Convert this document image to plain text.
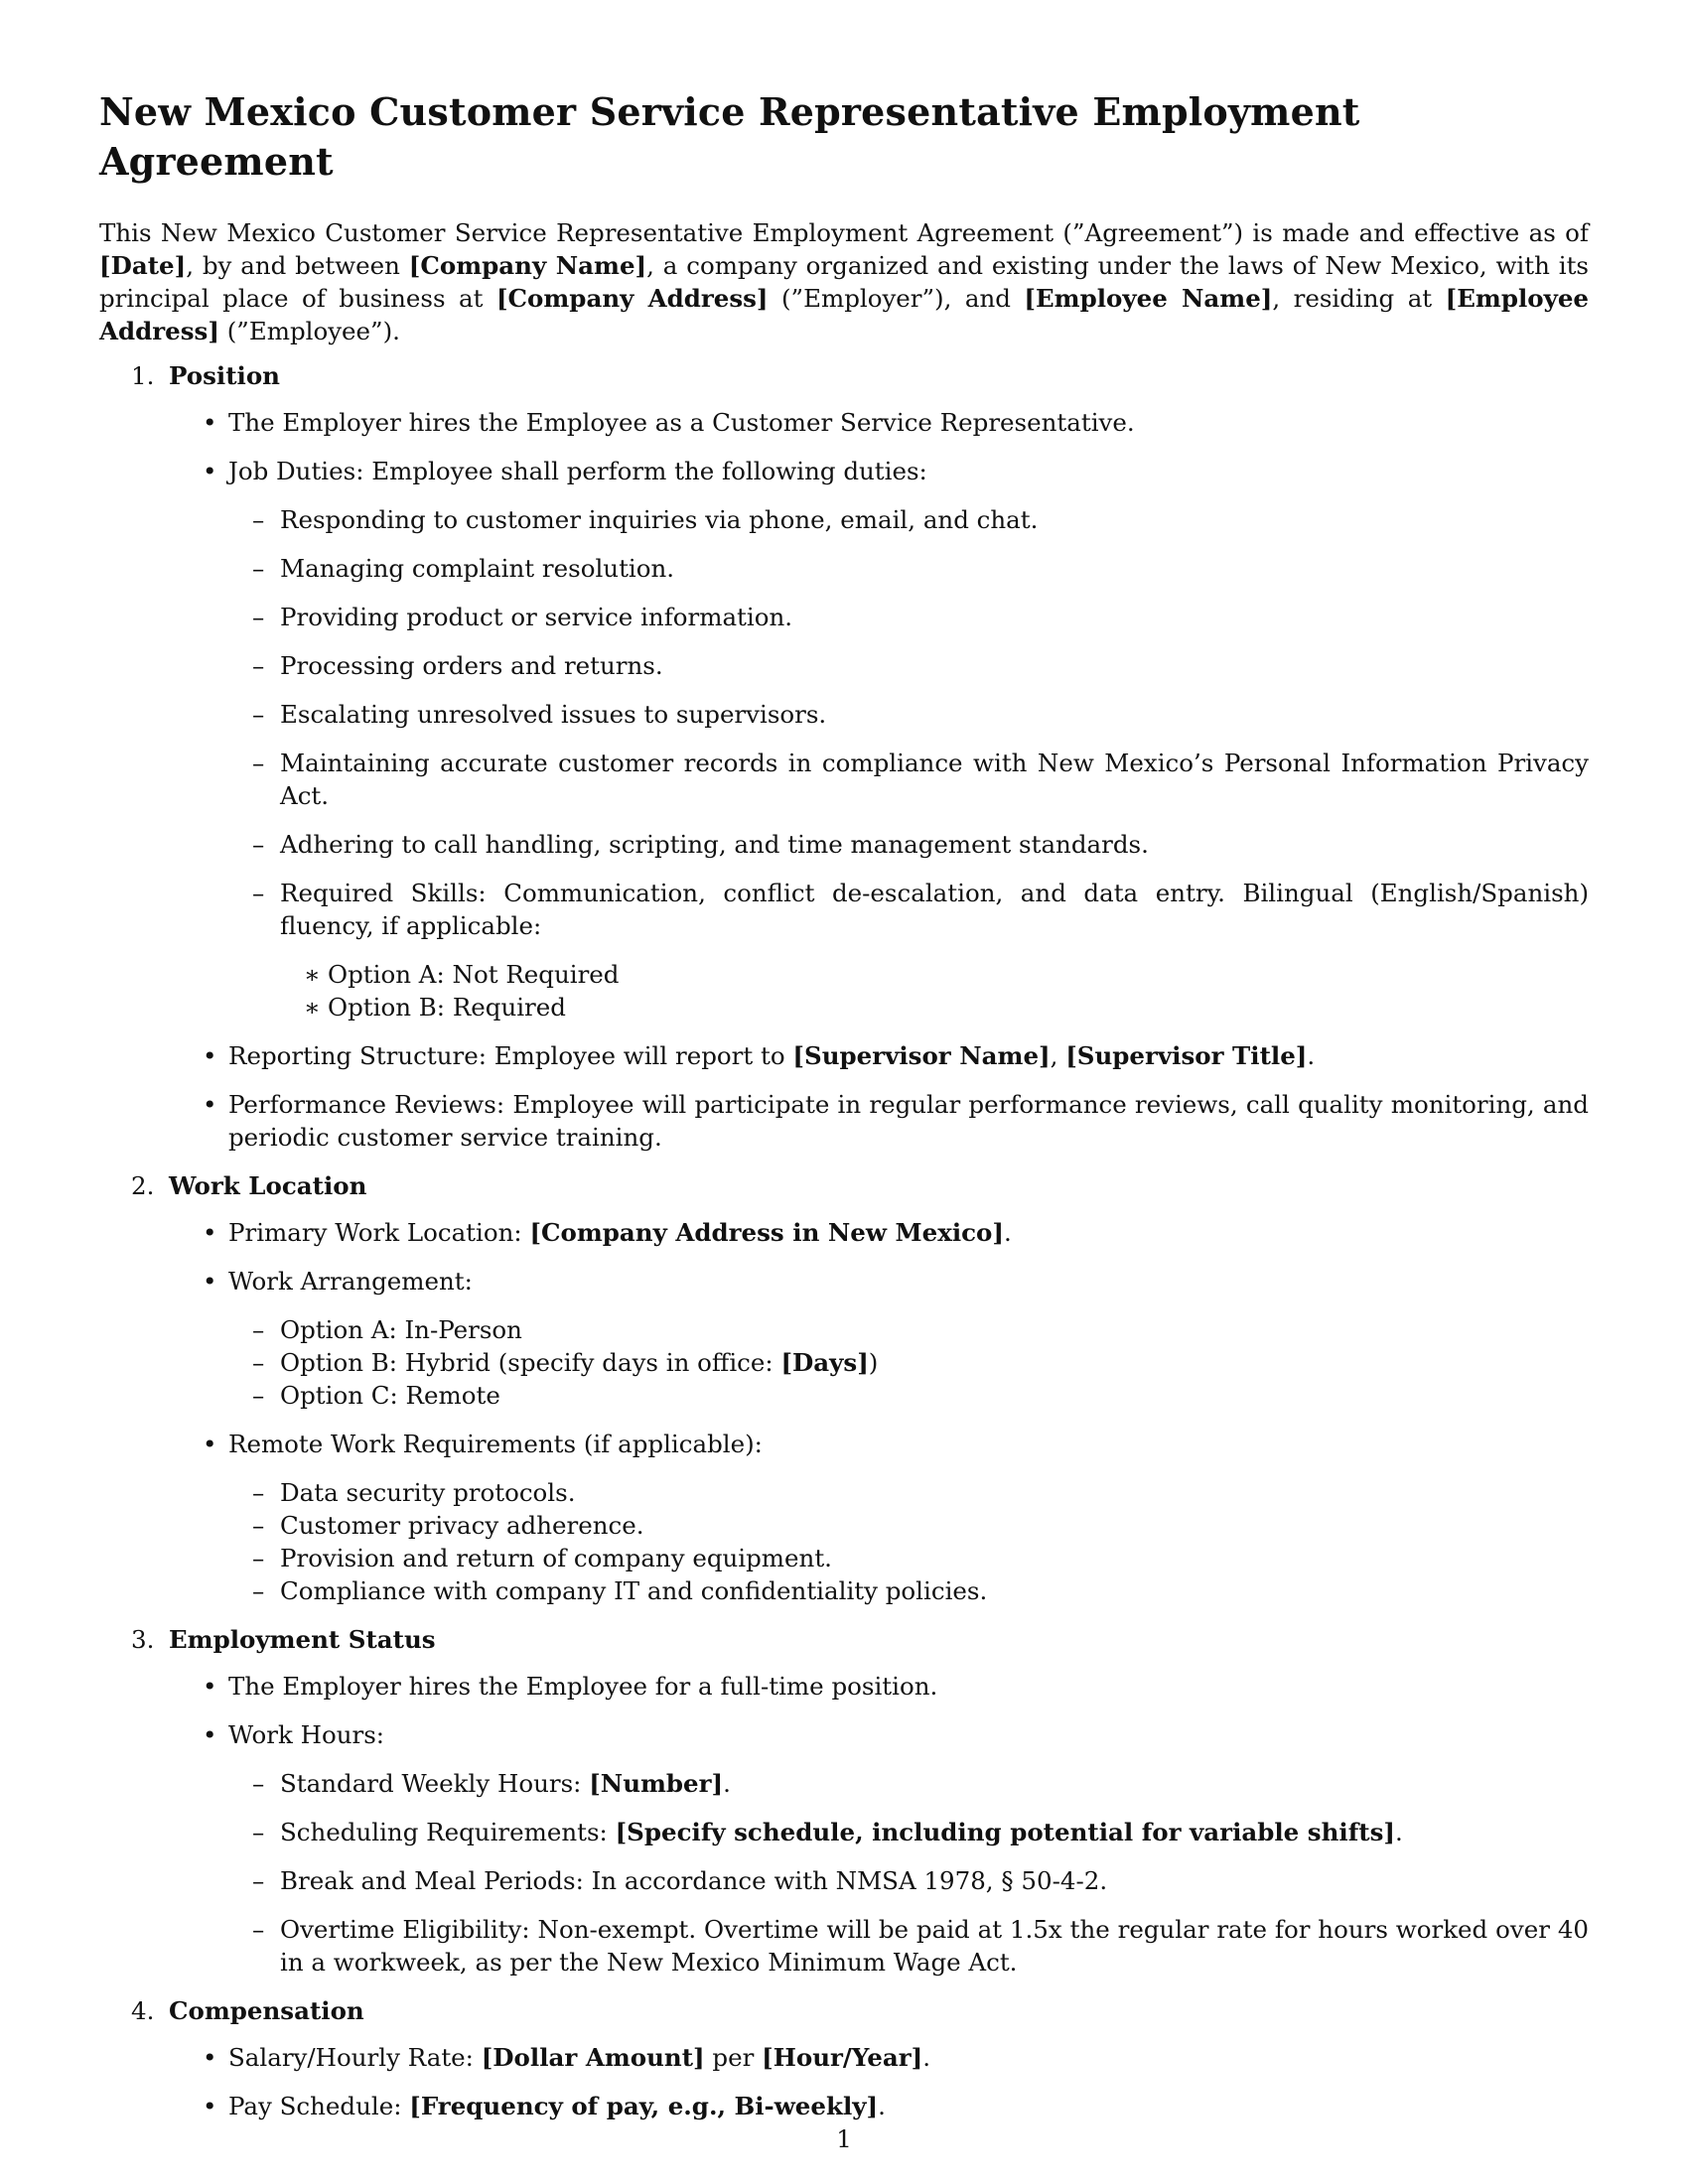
New Mexico Customer Service Representative Employment Agreement

This New Mexico Customer Service Representative Employment Agreement (”Agreement”) is made and effective as of [Date], by and between [Company Name], a company organized and existing under the laws of New Mexico, with its principal place of business at [Company Address] (”Employer”), and [Employee Name], residing at [Employee Address] (”Employee”).

1. Position
• The Employer hires the Employee as a Customer Service Representative.
• Job Duties: Employee shall perform the following duties:
– Responding to customer inquiries via phone, email, and chat.
– Managing complaint resolution.
– Providing product or service information.
– Processing orders and returns.
– Escalating unresolved issues to supervisors.
– Maintaining accurate customer records in compliance with New Mexico’s Personal Information Privacy Act.
– Adhering to call handling, scripting, and time management standards.
– Required Skills: Communication, conflict de-escalation, and data entry. Bilingual (English/Spanish) fluency, if applicable:
∗ Option A: Not Required
∗ Option B: Required
• Reporting Structure: Employee will report to [Supervisor Name], [Supervisor Title].
• Performance Reviews: Employee will participate in regular performance reviews, call quality monitoring, and periodic customer service training.
2. Work Location
• Primary Work Location: [Company Address in New Mexico].
• Work Arrangement:
– Option A: In-Person
– Option B: Hybrid (specify days in office: [Days])
– Option C: Remote
• Remote Work Requirements (if applicable):
– Data security protocols.
– Customer privacy adherence.
– Provision and return of company equipment.
– Compliance with company IT and confidentiality policies.
3. Employment Status
• The Employer hires the Employee for a full-time position.
• Work Hours:
– Standard Weekly Hours: [Number].
– Scheduling Requirements: [Specify schedule, including potential for variable shifts].
– Break and Meal Periods: In accordance with NMSA 1978, § 50-4-2.
– Overtime Eligibility: Non-exempt. Overtime will be paid at 1.5x the regular rate for hours worked over 40 in a workweek, as per the New Mexico Minimum Wage Act.
4. Compensation
• Salary/Hourly Rate: [Dollar Amount] per [Hour/Year].
• Pay Schedule: [Frequency of pay, e.g., Bi-weekly].
1
